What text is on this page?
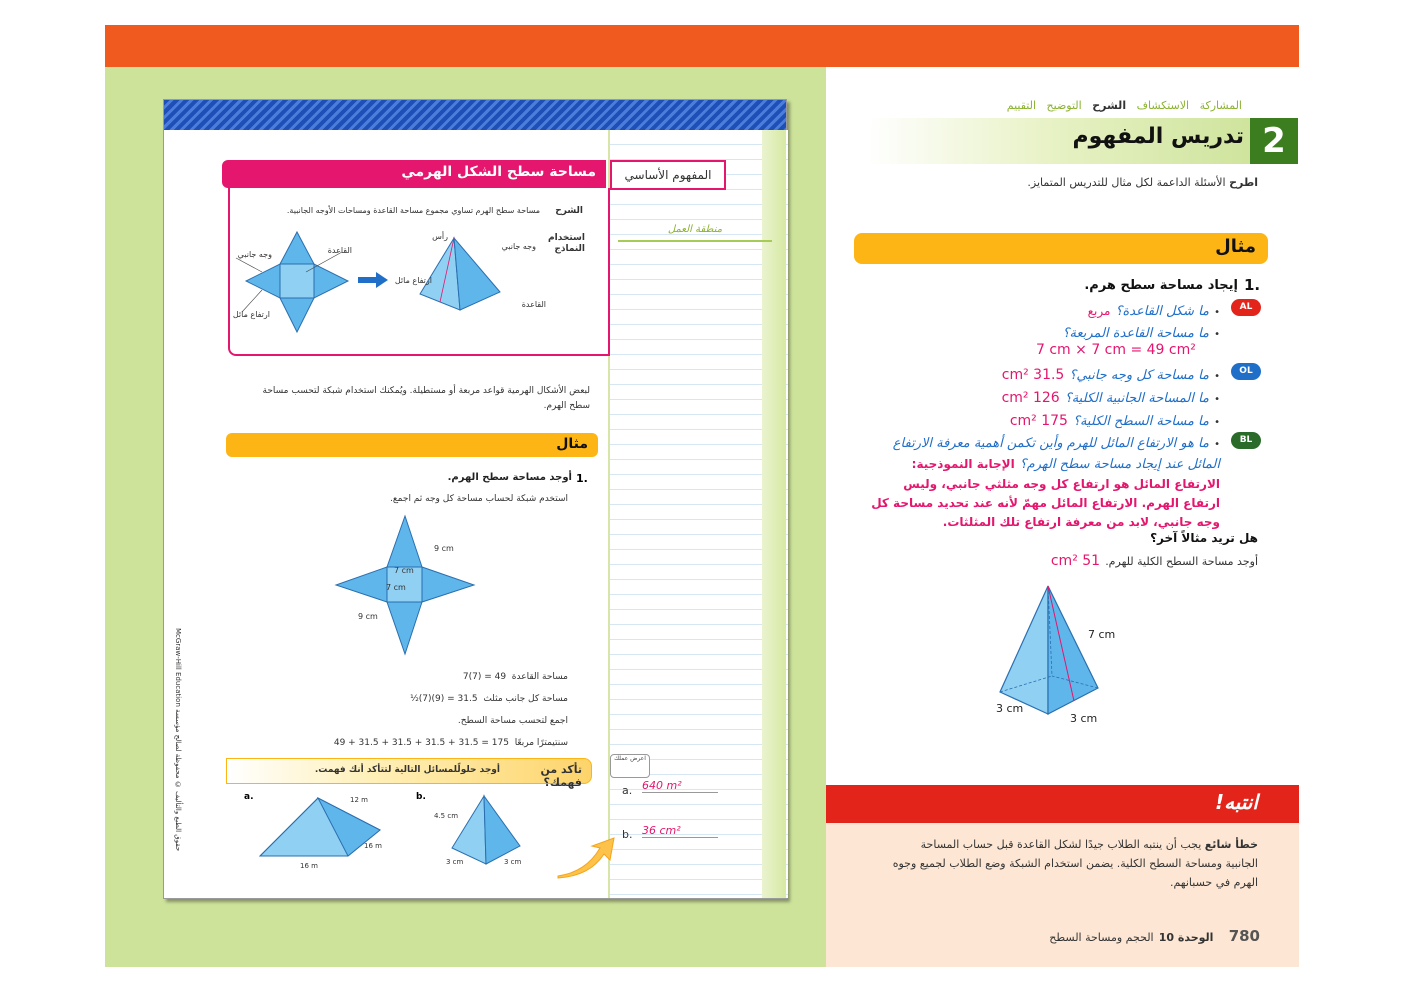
منطقة العمل
مساحة سطح الشكل الهرمي	المفهوم الأساسي
الشرح
مساحة سطح الهرم تساوي مجموع مساحة القاعدة ومساحات الأوجه الجانبية.
استخدام النماذج
وجه جانبي	القاعدة
ارتفاع مائل
رأس
وجه جانبي
ارتفاع مائل
القاعدة
لبعض الأشكال الهرمية قواعد مربعة أو مستطيلة. ويُمكنك استخدام شبكة لتحسب مساحة سطح الهرم.
مثال
1.
أوجد مساحة سطح الهرم.
استخدم شبكة لحساب مساحة كل وجه ثم اجمع.
9 cm
7 cm
7 cm
9 cm
مساحة القاعدة  7(7) = 49
مساحة كل جانب مثلث  ½(7)(9) = 31.5
اجمع لتحسب مساحة السطح.
سنتيمترًا مربعًا  49 + 31.5 + 31.5 + 31.5 + 31.5 = 175
تأكد من فهمك؟
أوجد حلولًلمسائل التالية لتتأكد أنك فهمت.
a.	12 m
16 m
16 m
b.
4.5 cm
3 cm	3 cm
اعرض عملك
a. 640 m²
b. 36 cm²
McGraw-Hill Education حقوق الطبع والتأليف © محفوظة لصالح مؤسسة
المشاركة   الاستكشاف   الشرح   التوضيح   التقييم
2
تدريس المفهوم
اطرح الأسئلة الداعمة لكل مثال للتدريس المتمايز.
مثال
1.
إيجاد مساحة سطح هرم.
AL
• ما شكل القاعدة؟ مربع
• ما مساحة القاعدة المربعة؟
7 cm × 7 cm = 49 cm²
OL
• ما مساحة كل وجه جانبي؟ 31.5 cm²
• ما المساحة الجانبية الكلية؟ 126 cm²
• ما مساحة السطح الكلية؟ 175 cm²
BL
• ما هو الارتفاع المائل للهرم وأين تكمن أهمية معرفة الارتفاع المائل عند إيجاد مساحة سطح الهرم؟ الإجابة النموذجية: الارتفاع المائل هو ارتفاع كل وجه مثلثي جانبي، وليس ارتفاع الهرم. الارتفاع المائل مهمّ لأنه عند تحديد مساحة كل وجه جانبي، لابد من معرفة ارتفاع تلك المثلثات.
هل تريد مثالاً آخر؟
أوجد مساحة السطح الكلية للهرم. 51 cm²
7 cm
3 cm
3 cm
انتبه!
خطأ شائع يجب أن ينتبه الطلاب جيدًا لشكل القاعدة قبل حساب المساحة الجانبية ومساحة السطح الكلية. يضمن استخدام الشبكة وضع الطلاب لجميع وجوه الهرم في حسبانهم.
780   الوحدة 10 الحجم ومساحة السطح
